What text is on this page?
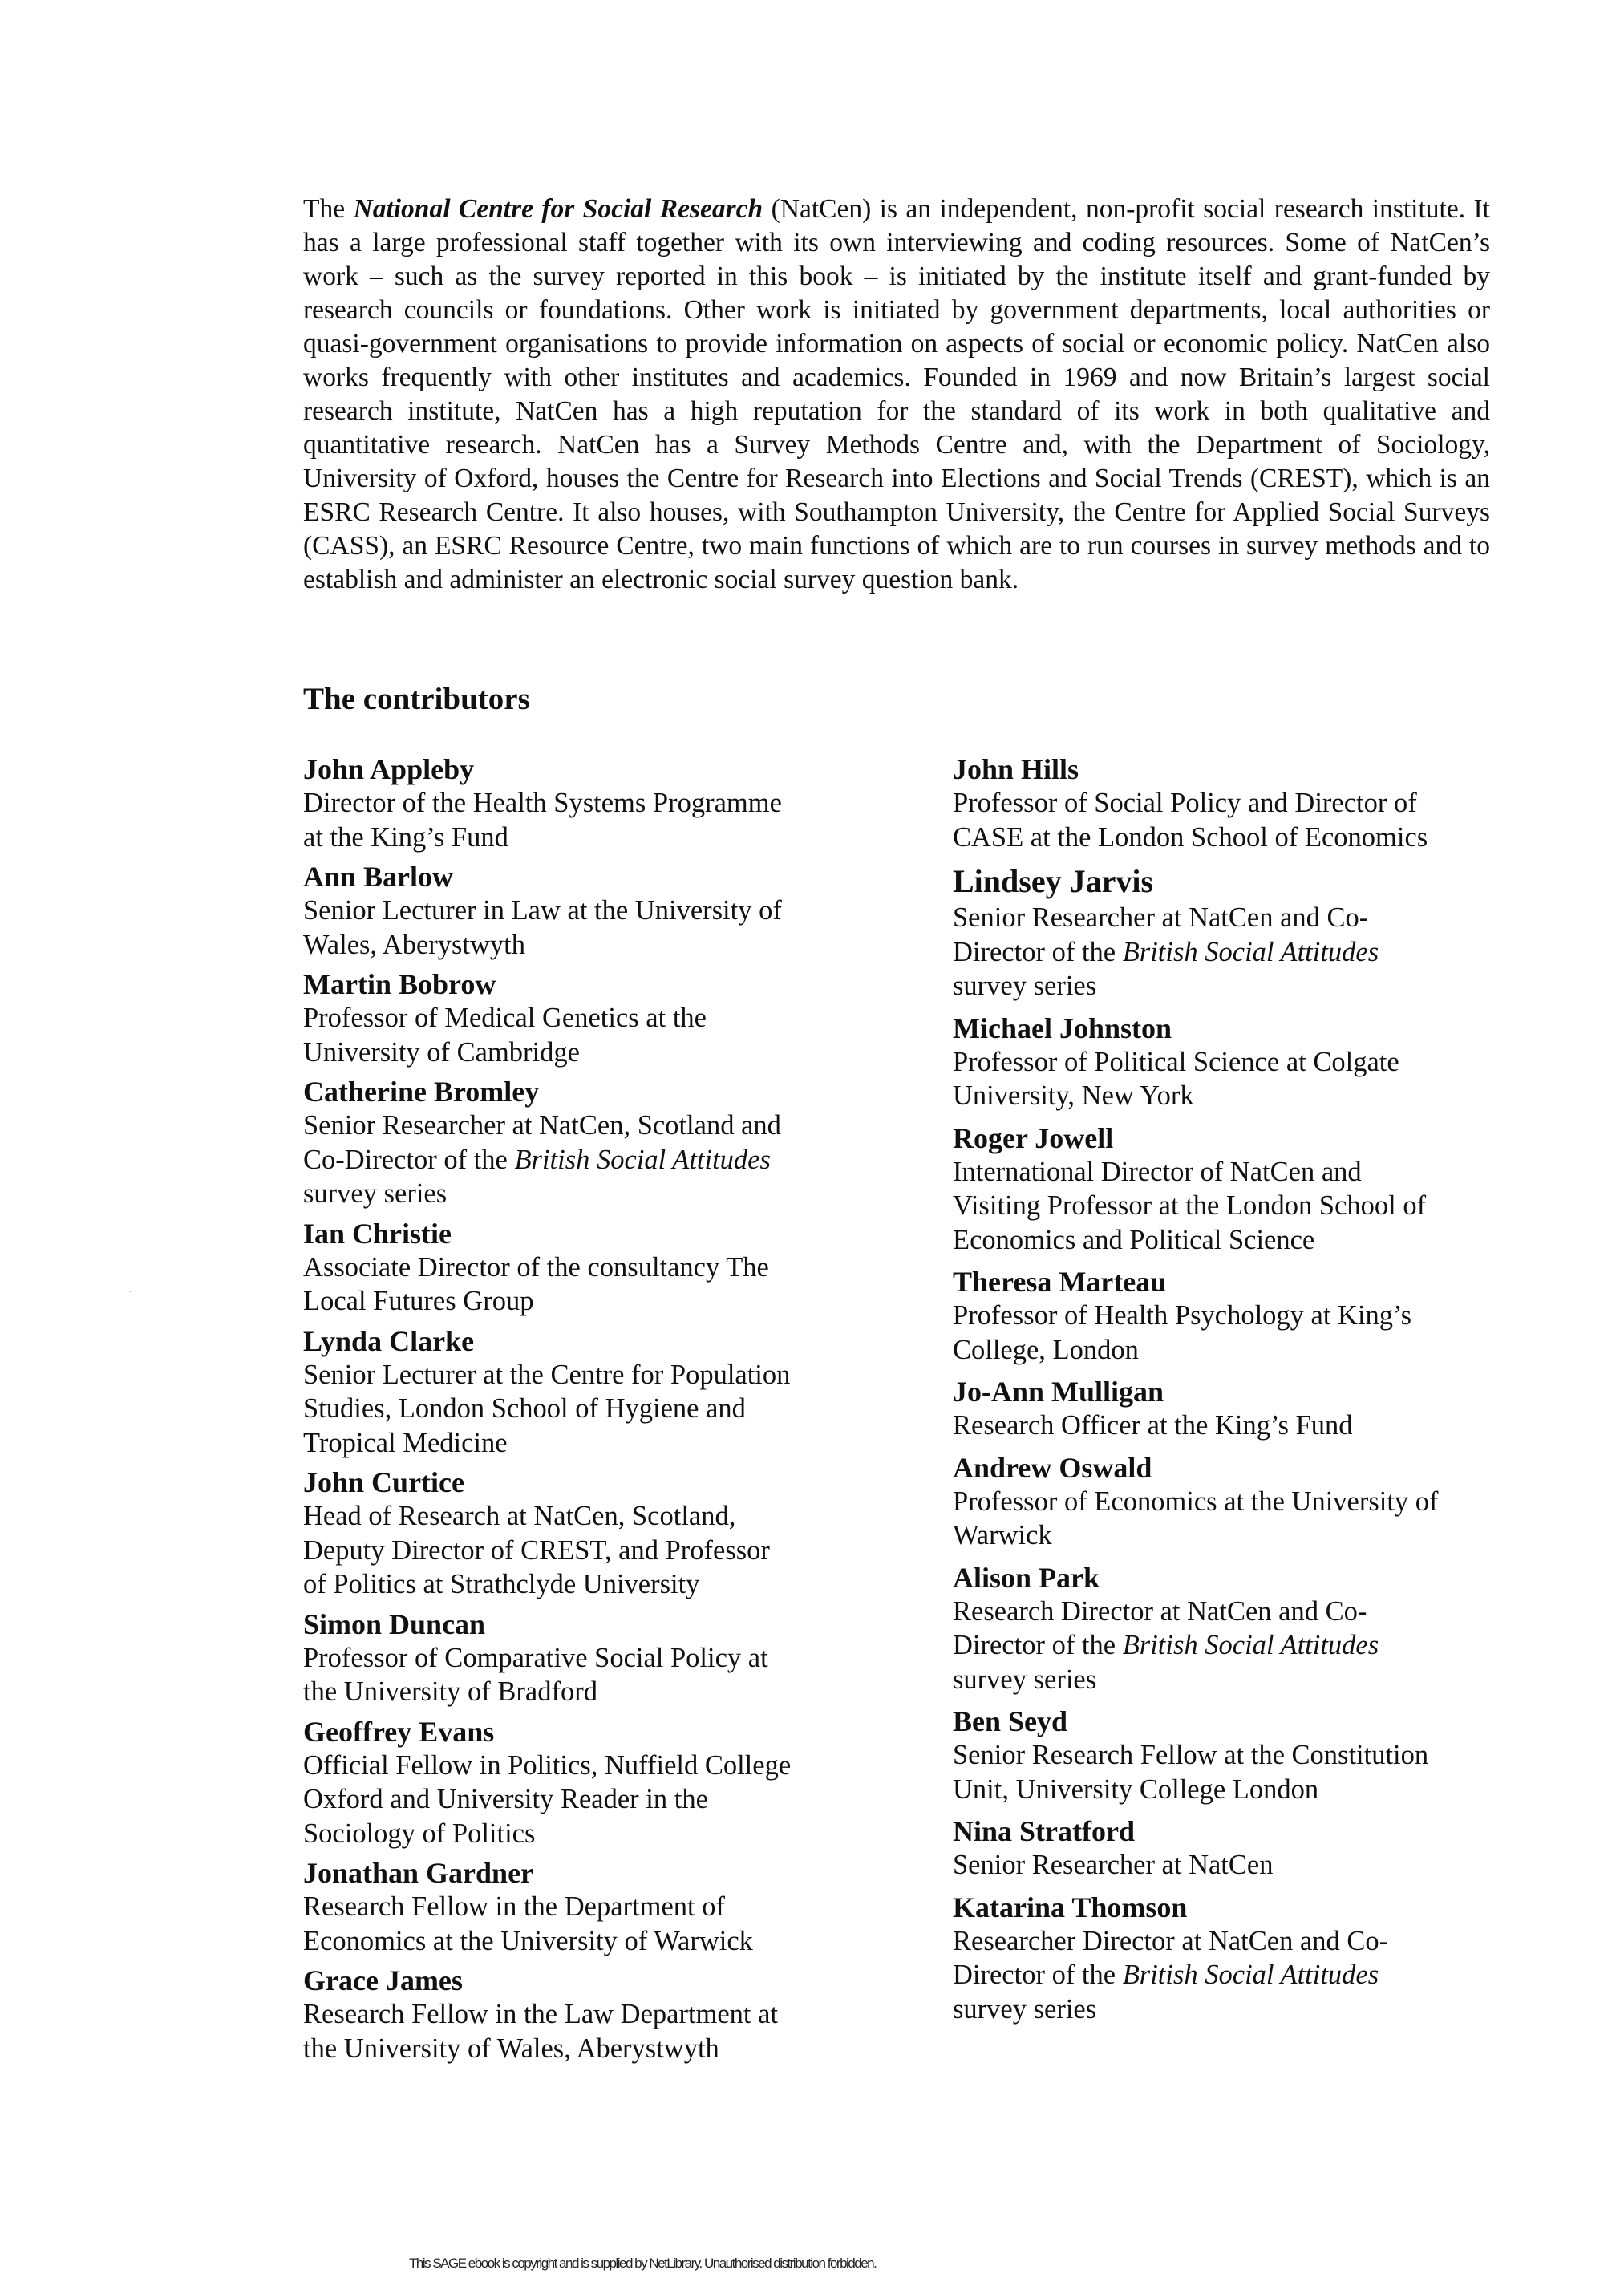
The National Centre for Social Research (NatCen) is an independent, non-profit social research institute. It has a large professional staff together with its own interviewing and coding resources. Some of NatCen’s work – such as the survey reported in this book – is initiated by the institute itself and grant-funded by research councils or foundations. Other work is initiated by government departments, local authorities or quasi-government organisations to provide information on aspects of social or economic policy. NatCen also works frequently with other institutes and academics. Founded in 1969 and now Britain’s largest social research institute, NatCen has a high reputation for the standard of its work in both qualitative and quantitative research. NatCen has a Survey Methods Centre and, with the Department of Sociology, University of Oxford, houses the Centre for Research into Elections and Social Trends (CREST), which is an ESRC Research Centre. It also houses, with Southampton University, the Centre for Applied Social Surveys (CASS), an ESRC Resource Centre, two main functions of which are to run courses in survey methods and to establish and administer an electronic social survey question bank.

The contributors

John Appleby

Director of the Health Systems Programme

at the King’s Fund

Ann Barlow

Senior Lecturer in Law at the University of

Wales, Aberystwyth

Martin Bobrow

Professor of Medical Genetics at the

University of Cambridge

Catherine Bromley

Senior Researcher at NatCen, Scotland and

Co-Director of the British Social Attitudes

survey series

Ian Christie

Associate Director of the consultancy The

Local Futures Group

Lynda Clarke

Senior Lecturer at the Centre for Population

Studies, London School of Hygiene and

Tropical Medicine

John Curtice

Head of Research at NatCen, Scotland,

Deputy Director of CREST, and Professor

of Politics at Strathclyde University

Simon Duncan

Professor of Comparative Social Policy at

the University of Bradford

Geoffrey Evans

Official Fellow in Politics, Nuffield College

Oxford and University Reader in the

Sociology of Politics

Jonathan Gardner

Research Fellow in the Department of

Economics at the University of Warwick

Grace James

Research Fellow in the Law Department at

the University of Wales, Aberystwyth

John Hills

Professor of Social Policy and Director of

CASE at the London School of Economics

Lindsey Jarvis

Senior Researcher at NatCen and Co-

Director of the British Social Attitudes

survey series

Michael Johnston

Professor of Political Science at Colgate

University, New York

Roger Jowell

International Director of NatCen and

Visiting Professor at the London School of

Economics and Political Science

Theresa Marteau

Professor of Health Psychology at King’s

College, London

Jo-Ann Mulligan

Research Officer at the King’s Fund

Andrew Oswald

Professor of Economics at the University of

Warwick

Alison Park

Research Director at NatCen and Co-

Director of the British Social Attitudes

survey series

Ben Seyd

Senior Research Fellow at the Constitution

Unit, University College London

Nina Stratford

Senior Researcher at NatCen

Katarina Thomson

Researcher Director at NatCen and Co-

Director of the British Social Attitudes

survey series

·
This SAGE ebook is copyright and is supplied by NetLibrary. Unauthorised distribution forbidden.
